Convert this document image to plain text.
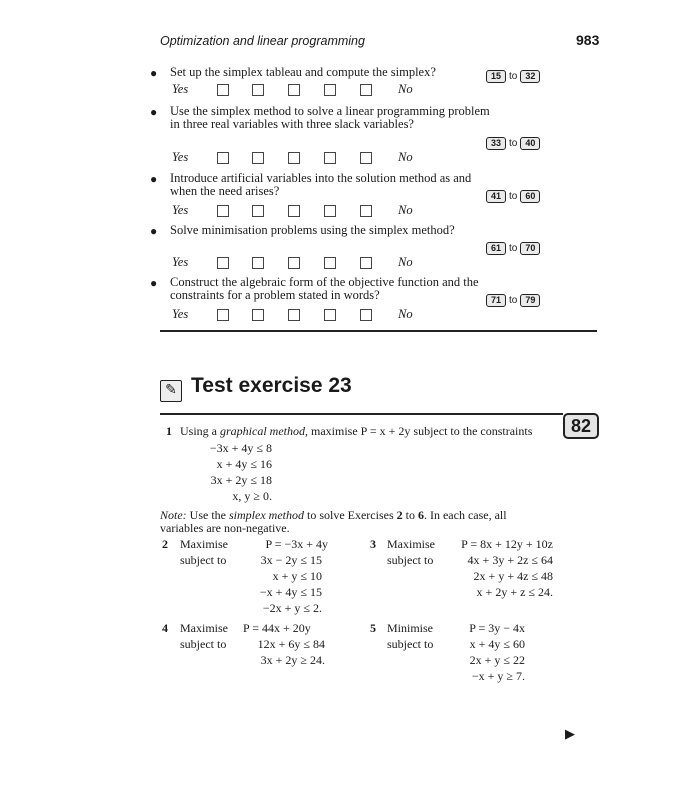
Optimization and linear programming	983
● Set up the simplex tableau and compute the simplex?	15 to 32
Yes	No
● Use the simplex method to solve a linear programming problem in three real variables with three slack variables?
33 to 40
Yes	No
● Introduce artificial variables into the solution method as and when the need arises?	41 to 60
Yes	No
● Solve minimisation problems using the simplex method?
61 to 70
Yes	No
● Construct the algebraic form of the objective function and the constraints for a problem stated in words?	71 to 79
Yes	No
✎ Test exercise 23
82
1 Using a graphical method, maximise P = x + 2y subject to the constraints
−3x + 4y ≤ 8
x + 4y ≤ 16
3x + 2y ≤ 18
x, y ≥ 0.
Note: Use the simplex method to solve Exercises 2 to 6. In each case, all
variables are non-negative.
2 Maximise	P = −3x + 4y
subject to	3x − 2y ≤ 15
x + y ≤ 10
−x + 4y ≤ 15
−2x + y ≤ 2.
3 Maximise	P = 8x + 12y + 10z
subject to	4x + 3y + 2z ≤ 64
2x + y + 4z ≤ 48
x + 2y + z ≤ 24.
4 Maximise P = 44x + 20y
subject to	12x + 6y ≤ 84
3x + 2y ≥ 24.
5 Minimise	P = 3y − 4x
subject to	x + 4y ≤ 60
2x + y ≤ 22
−x + y ≥ 7.
▶
